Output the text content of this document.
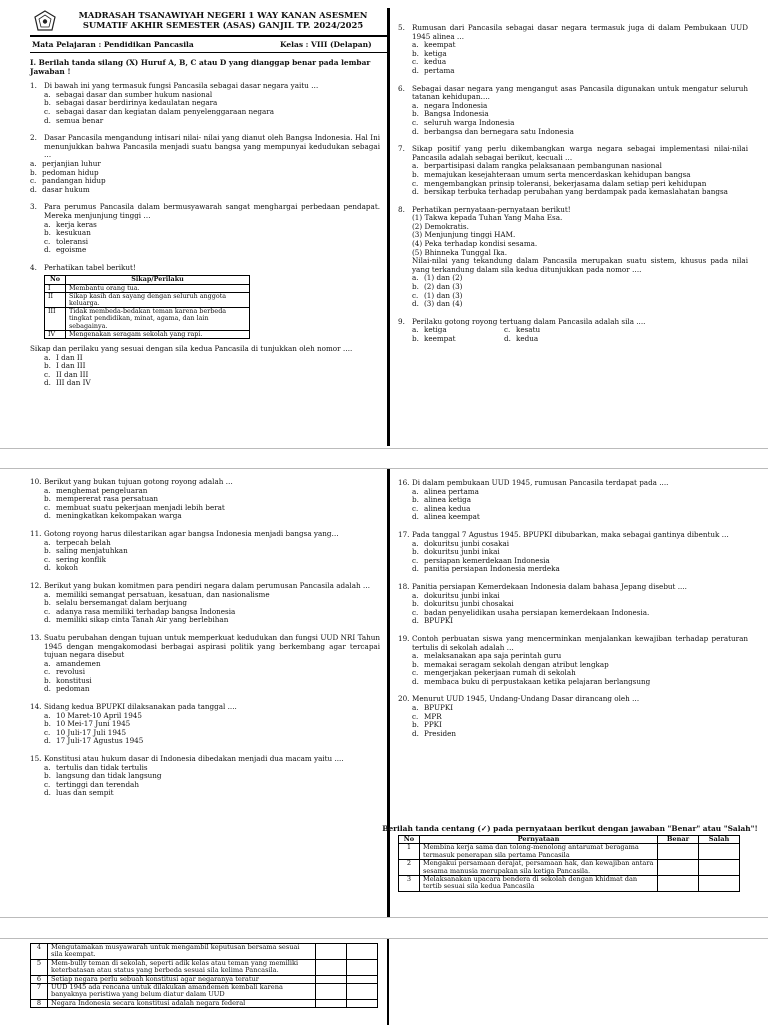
MADRASAH TSANAWIYAH NEGERI 1 WAY KANAN ASESMEN
SUMATIF AKHIR SEMESTER (ASAS) GANJIL TP. 2024/2025
Mata Pelajaran : Pendidikan Pancasila	Kelas : VIII (Delapan)
I. Berilah tanda silang (X) Huruf A, B, C atau D yang dianggap benar pada lembar Jawaban !
1. Di bawah ini yang termasuk fungsi Pancasila sebagai dasar negara yaitu …
a. sebagai dasar dan sumber hukum nasional
b. sebagai dasar berdirinya kedaulatan negara
c. sebagai dasar dan kegiatan dalam penyelenggaraan negara
d. semua benar
2. Dasar Pancasila mengandung intisari nilai- nilai yang dianut oleh Bangsa Indonesia. Hal Ini menunjukkan bahwa Pancasila menjadi suatu bangsa yang mempunyai kedudukan sebagai …
a. perjanjian luhur
b. pedoman hidup
c. pandangan hidup
d. dasar hukum
3. Para perumus Pancasila dalam bermusyawarah sangat menghargai perbedaan pendapat. Mereka menjunjung tinggi …
a. kerja keras
b. kesukuan
c. toleransi
d. egoisme
4. Perhatikan tabel berikut!
No	Sikap/Perilaku
I	Membantu orang tua.
II	Sikap kasih dan sayang dengan seluruh anggota keluarga.
III	Tidak membeda-bedakan teman karena berbeda tingkat pendidikan, minat, agama, dan lain sebagainya.
IV	Mengenakan seragam sekolah yang rapi.
Sikap dan perilaku yang sesuai dengan sila kedua Pancasila di tunjukkan oleh nomor ….
a. I dan II
b. I dan III
c. II dan III
d. III dan IV
5. Rumusan dari Pancasila sebagai dasar negara termasuk juga di dalam Pembukaan UUD 1945 alinea …
a. keempat
b. ketiga
c. kedua
d. pertama
6. Sebagai dasar negara yang mengangut asas Pancasila digunakan untuk mengatur seluruh tatanan kehidupan….
a. negara Indonesia
b. Bangsa Indonesia
c. seluruh warga Indonesia
d. berbangsa dan bernegara satu Indonesia
7. Sikap positif yang perlu dikembangkan warga negara sebagai implementasi nilai-nilai Pancasila adalah sebagai berikut, kecuali …
a. berpartisipasi dalam rangka pelaksanaan pembangunan nasional
b. memajukan kesejahteraan umum serta mencerdaskan kehidupan bangsa
c. mengembangkan prinsip toleransi, bekerjasama dalam setiap peri kehidupan
d. bersikap terbuka terhadap perubahan yang berdampak pada kemaslahatan bangsa
8. Perhatikan pernyataan-pernyataan berikut!
(1) Takwa kepada Tuhan Yang Maha Esa.
(2) Demokratis.
(3) Menjunjung tinggi HAM.
(4) Peka terhadap kondisi sesama.
(5) Bhinneka Tunggal Ika.
Nilai-nilai yang tekandung dalam Pancasila merupakan suatu sistem, khusus pada nilai yang terkandung dalam sila kedua ditunjukkan pada nomor ….
a. (1) dan (2)
b. (2) dan (3)
c. (1) dan (3)
d. (3) dan (4)
9. Perilaku gotong royong tertuang dalam Pancasila adalah sila ....
a. ketiga
b. keempat
c. kesatu
d. kedua
10. Berikut yang bukan tujuan gotong royong adalah …
a. menghemat pengeluaran
b. mempererat rasa persatuan
c. membuat suatu pekerjaan menjadi lebih berat
d. meningkatkan kekompakan warga
11. Gotong royong harus dilestarikan agar bangsa Indonesia menjadi bangsa yang…
a. terpecah belah
b. saling menjatuhkan
c. sering konflik
d. kokoh
12. Berikut yang bukan komitmen para pendiri negara dalam perumusan Pancasila adalah …
a. memiliki semangat persatuan, kesatuan, dan nasionalisme
b. selalu bersemangat dalam berjuang
c. adanya rasa memiliki terhadap bangsa Indonesia
d. memiliki sikap cinta Tanah Air yang berlebihan
13. Suatu perubahan dengan tujuan untuk memperkuat kedudukan dan fungsi UUD NRI Tahun 1945 dengan mengakomodasi berbagai aspirasi politik yang berkembang agar tercapai tujuan negara disebut
a. amandemen
c. revolusi
b. konstitusi
d. pedoman
14. Sidang kedua BPUPKI dilaksanakan pada tanggal ....
a. 10 Maret-10 April 1945
b. 10 Mei-17 Juni 1945
c. 10 Juli-17 Juli 1945
d. 17 Juli-17 Agustus 1945
15. Konstitusi atau hukum dasar di Indonesia dibedakan menjadi dua macam yaitu ....
a. tertulis dan tidak tertulis
b. langsung dan tidak langsung
c. tertinggi dan terendah
d. luas dan sempit
16. Di dalam pembukaan UUD 1945, rumusan Pancasila terdapat pada ....
a. alinea pertama
b. alinea ketiga
c. alinea kedua
d. alinea keempat
17. Pada tanggal 7 Agustus 1945. BPUPKI dibubarkan, maka sebagai gantinya dibentuk …
a. dokuritsu junbi cosakai
b. dokuritsu junbi inkai
c. persiapan kemerdekaan Indonesia
d. panitia persiapan Indonesia merdeka
18. Panitia persiapan Kemerdekaan Indonesia dalam bahasa Jepang disebut ....
a. dokuritsu junbi inkai
b. dokuritsu junbi chosakai
c. badan penyelidikan usaha persiapan kemerdekaan Indonesia.
d. BPUPKI
19. Contoh perbuatan siswa yang mencerminkan menjalankan kewajiban terhadap peraturan tertulis di sekolah adalah …
a. melaksanakan apa saja perintah guru
b. memakai seragam sekolah dengan atribut lengkap
c. mengerjakan pekerjaan rumah di sekolah
d. membaca buku di perpustakaan ketika pelajaran berlangsung
20. Menurut UUD 1945, Undang-Undang Dasar dirancang oleh …
a. BPUPKI
c. MPR
b. PPKI
d. Presiden
Berilah tanda centang (✓) pada pernyataan berikut dengan jawaban "Benar" atau "Salah"!
No	Pernyataan	Benar	Salah
1	Membina kerja sama dan tolong-menolong antarumat beragama termasuk penerapan sila pertama Pancasila		
2	Mengakui persamaan derajat, persamaan hak, dan kewajiban antara sesama manusia merupakan sila ketiga Pancasila.		
3	Melaksanakan upacara bendera di sekolah dengan khidmat dan tertib sesuai sila kedua Pancasila		
4	Mengutamakan musyawarah untuk mengambil keputusan bersama sesuai sila keempat.		
5	Mem-bully teman di sekolah, seperti adik kelas atau teman yang memiliki keterbatasan atau status yang berbeda sesuai sila kelima Pancasila.		
6	Setiap negara perlu sebuah konstitusi agar negaranya teratur		
7	UUD 1945 ada rencana untuk dilakukan amandemen kembali karena banyaknya peristiwa yang belum diatur dalam UUD		
8	Negara Indonesia secara konstitusi adalah negara federal		
